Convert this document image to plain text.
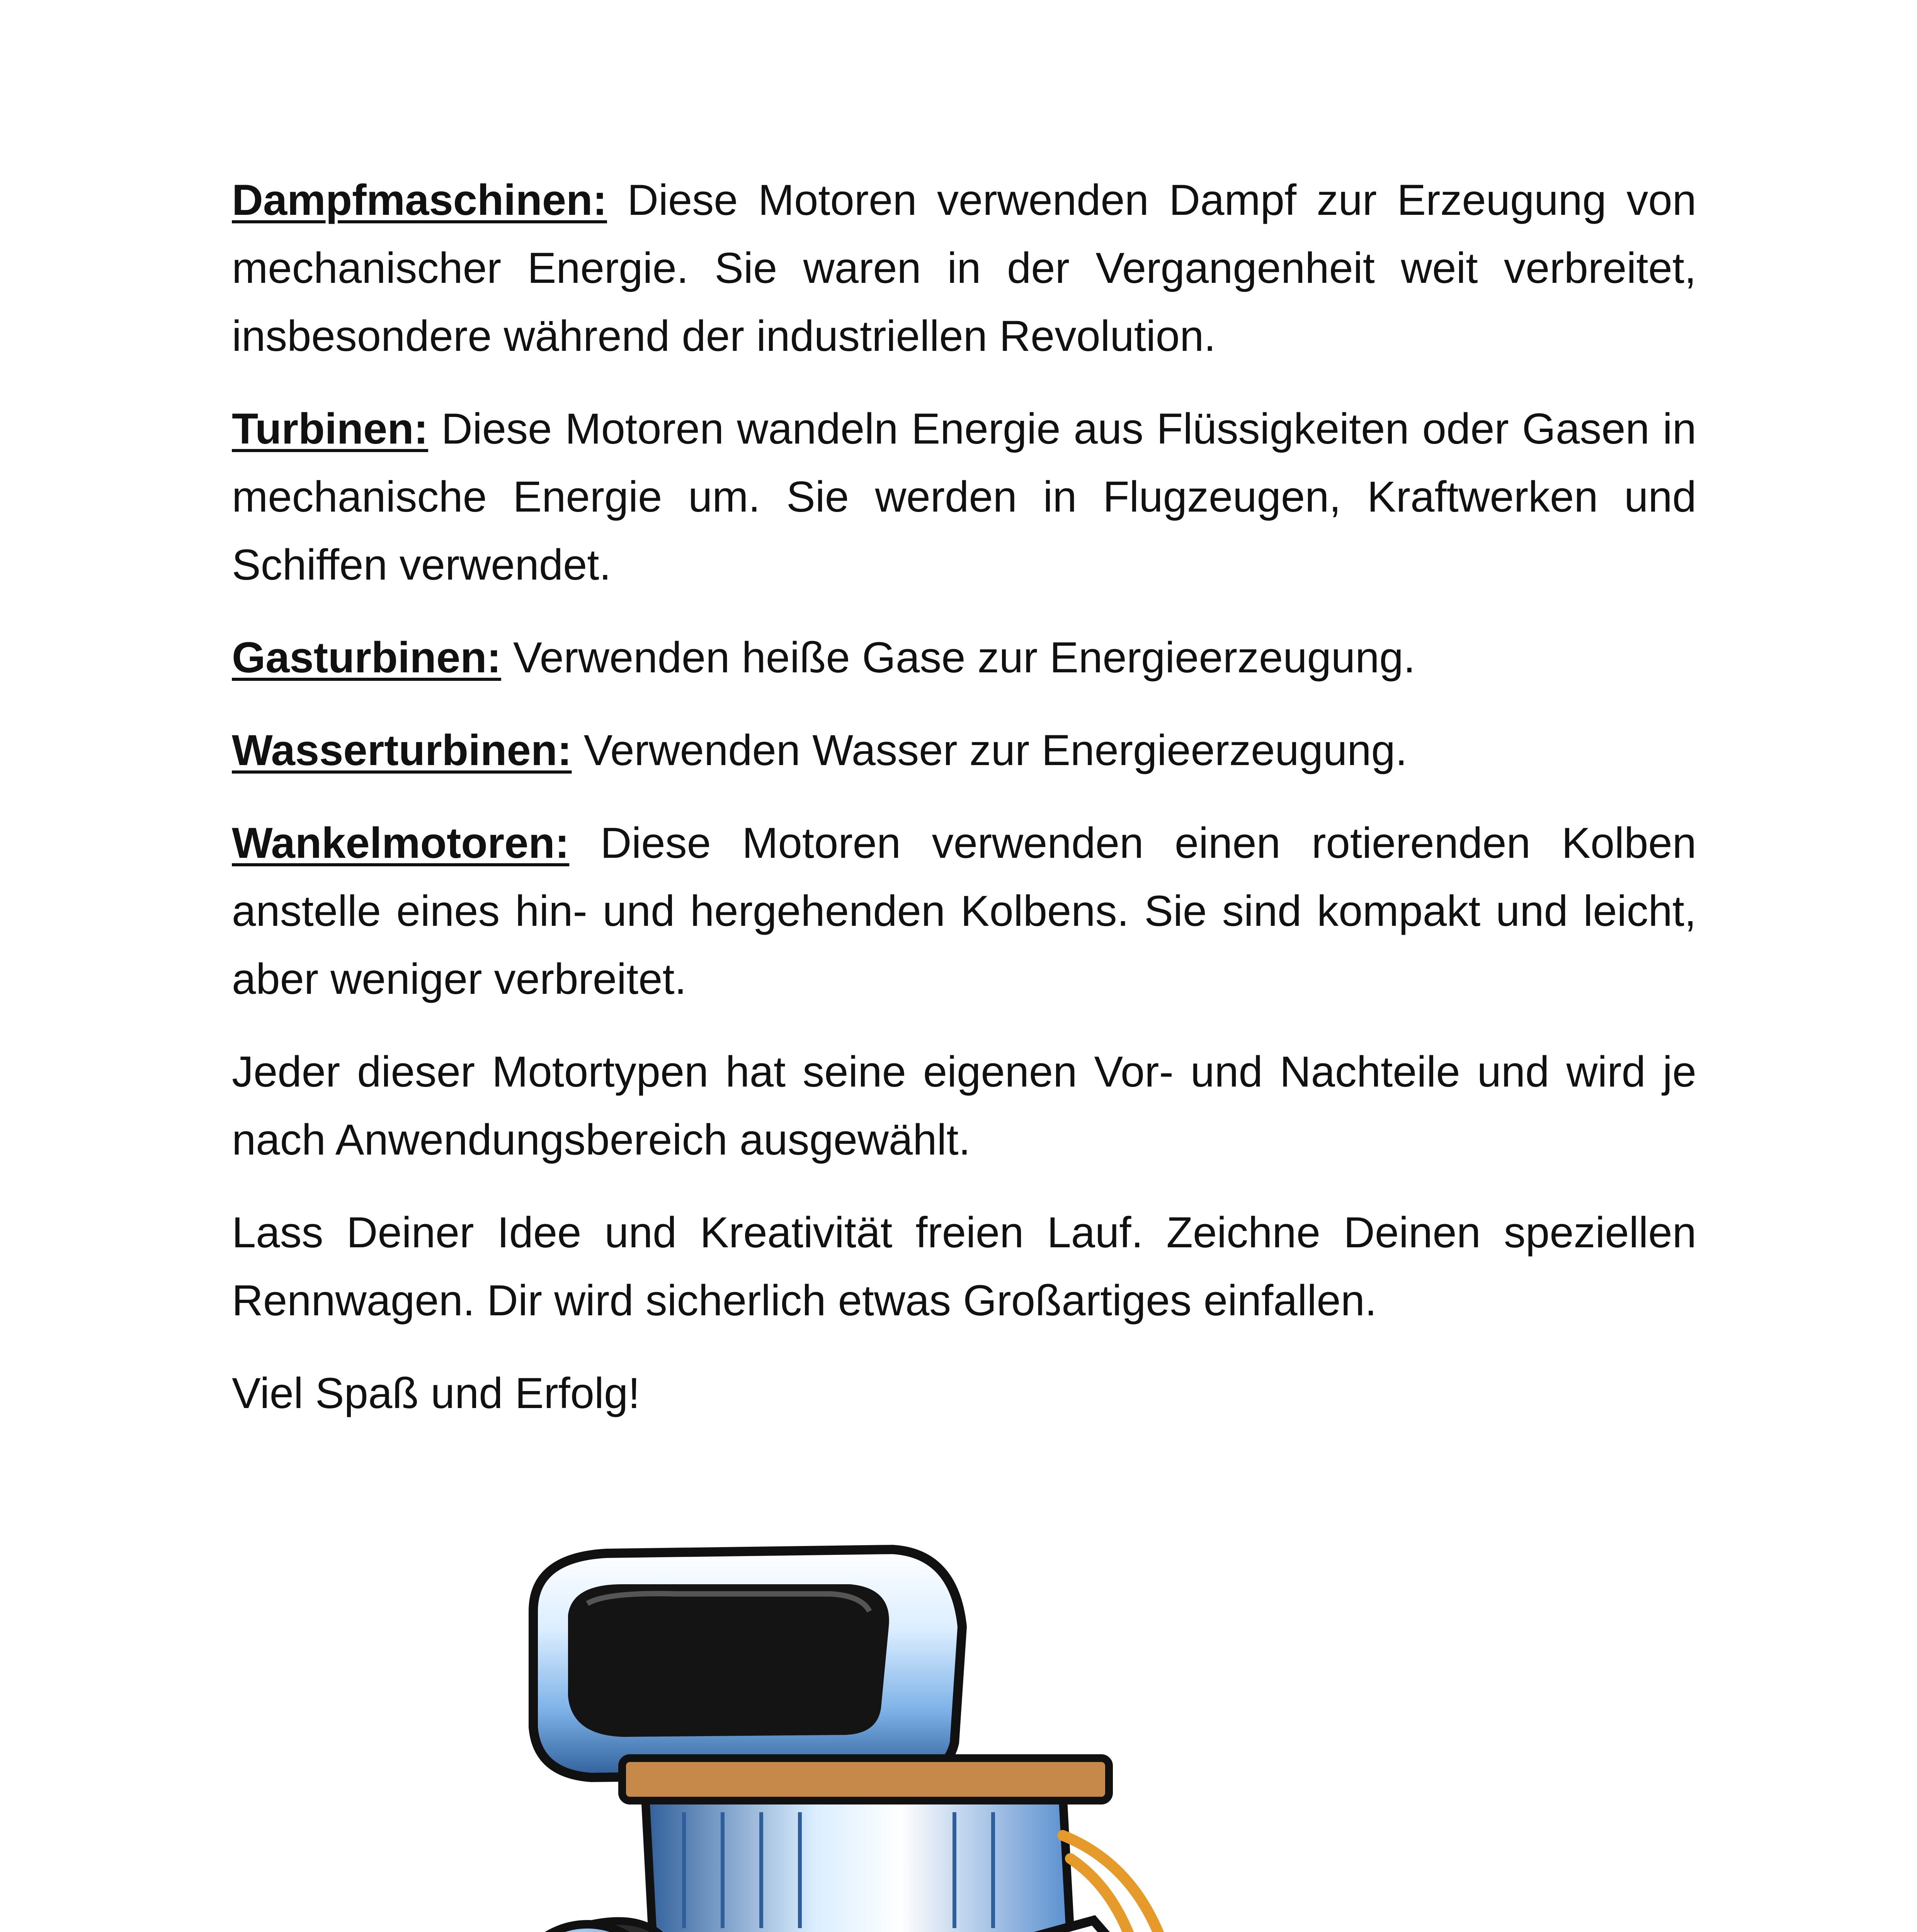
Dampfmaschinen: Diese Motoren verwenden Dampf zur Erzeugung von mechanischer Energie. Sie waren in der Vergangenheit weit verbreitet, insbesondere während der industriellen Revolution.

Turbinen: Diese Motoren wandeln Energie aus Flüssigkeiten oder Gasen in mechanische Energie um. Sie werden in Flugzeugen, Kraftwerken und Schiffen verwendet.

Gasturbinen: Verwenden heiße Gase zur Energieerzeugung.

Wasserturbinen: Verwenden Wasser zur Energieerzeugung.

Wankelmotoren: Diese Motoren verwenden einen rotierenden Kolben anstelle eines hin- und hergehenden Kolbens. Sie sind kompakt und leicht, aber weniger verbreitet.

Jeder dieser Motortypen hat seine eigenen Vor- und Nachteile und wird je nach Anwendungsbereich ausgewählt.

Lass Deiner Idee und Kreativität freien Lauf. Zeichne Deinen speziellen Rennwagen. Dir wird sicherlich etwas Großartiges einfallen.

Viel Spaß und Erfolg!
